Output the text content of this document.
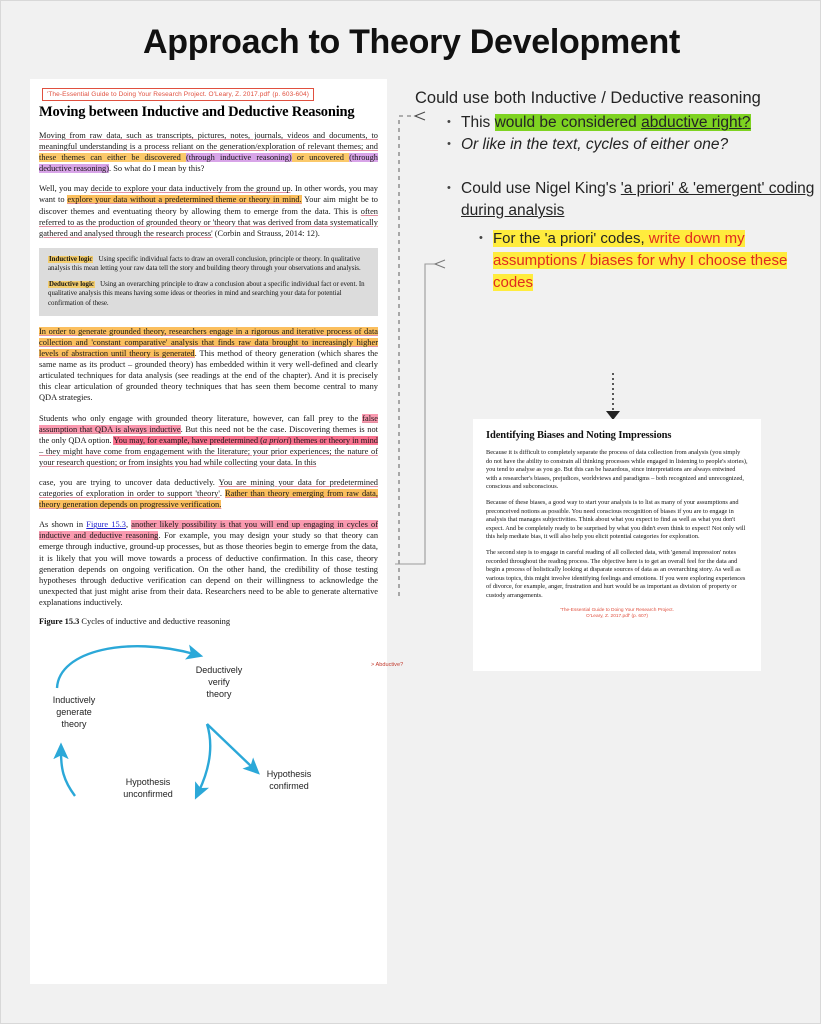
Approach to Theory Development
'The-Essential Guide to Doing Your Research Project. O'Leary, Z. 2017.pdf' (p. 603-604)
Moving between Inductive and Deductive Reasoning

Moving from raw data, such as transcripts, pictures, notes, journals, videos and documents, to meaningful understanding is a process reliant on the generation/exploration of relevant themes; and these themes can either be discovered (through inductive reasoning) or uncovered (through deductive reasoning). So what do I mean by this?

Well, you may decide to explore your data inductively from the ground up. In other words, you may want to explore your data without a predetermined theme or theory in mind. Your aim might be to discover themes and eventuating theory by allowing them to emerge from the data. This is often referred to as the production of grounded theory or 'theory that was derived from data systematically gathered and analysed through the research process' (Corbin and Strauss, 2014: 12).

Inductive logic Using specific individual facts to draw an overall conclusion, principle or theory. In qualitative analysis this mean letting your raw data tell the story and building theory through your observations and analysis.

Deductive logic Using an overarching principle to draw a conclusion about a specific individual fact or event. In qualitative analysis this means having some ideas or theories in mind and searching your data for potential confirmation of these.

In order to generate grounded theory, researchers engage in a rigorous and iterative process of data collection and 'constant comparative' analysis that finds raw data brought to increasingly higher levels of abstraction until theory is generated. This method of theory generation (which shares the same name as its product – grounded theory) has embedded within it very well-defined and clearly articulated techniques for data analysis (see readings at the end of the chapter). And it is precisely this clear articulation of grounded theory techniques that has seen them become central to many QDA strategies.

Students who only engage with grounded theory literature, however, can fall prey to the false assumption that QDA is always inductive. But this need not be the case. Discovering themes is not the only QDA option. You may, for example, have predetermined (a priori) themes or theory in mind – they might have come from engagement with the literature; your prior experiences; the nature of your research question; or from insights you had while collecting your data. In this

case, you are trying to uncover data deductively. You are mining your data for predetermined categories of exploration in order to support 'theory'. Rather than theory emerging from raw data, theory generation depends on progressive verification.

As shown in Figure 15.3, another likely possibility is that you will end up engaging in cycles of inductive and deductive reasoning. For example, you may design your study so that theory can emerge through inductive, ground-up processes, but as those theories begin to emerge from the data, it is likely that you will move towards a process of deductive confirmation. In this case, theory generation depends on ongoing verification. On the other hand, the credibility of those testing hypotheses through deductive verification can depend on their willingness to acknowledge the unexpected that just might arise from their data. Researchers need to be able to generate alternative explanations inductively.

Figure 15.3 Cycles of inductive and deductive reasoning

Inductively
generate
theory
Deductively
verify
theory
Hypothesis
unconfirmed
Hypothesis
confirmed
> Abductive?
Could use both Inductive / Deductive reasoning
• This would be considered abductive right?
• Or like in the text, cycles of either one?
• Could use Nigel King's 'a priori' & 'emergent' coding during analysis
• For the 'a priori' codes, write down my assumptions / biases for why I choose these codes
Identifying Biases and Noting Impressions

Because it is difficult to completely separate the process of data collection from analysis (you simply do not have the ability to constrain all thinking processes while engaged in listening to people's stories), you tend to analyse as you go. But this can be hazardous, since interpretations are always entwined with a researcher's biases, prejudices, worldviews and paradigms – both recognized and unrecognized, conscious and subconscious.

Because of these biases, a good way to start your analysis is to list as many of your assumptions and preconceived notions as possible. You need conscious recognition of biases if you are to engage in analysis that manages subjectivities. Think about what you expect to find as well as what you don't expect. And be completely ready to be surprised by what you didn't even think to expect! Not only will this help mediate bias, it will also help you elicit potential categories for exploration.

The second step is to engage in careful reading of all collected data, with 'general impression' notes recorded throughout the reading process. The objective here is to get an overall feel for the data and begin a process of holistically looking at disparate sources of data as an overarching story. As well as various topics, this might involve identifying feelings and emotions. If you were exploring experiences of divorce, for example, anger, frustration and hurt would be as important as division of property or custody arrangements.

'The-Essential Guide to Doing Your Research Project.
O'Leary, Z. 2017.pdf' (p. 607)
